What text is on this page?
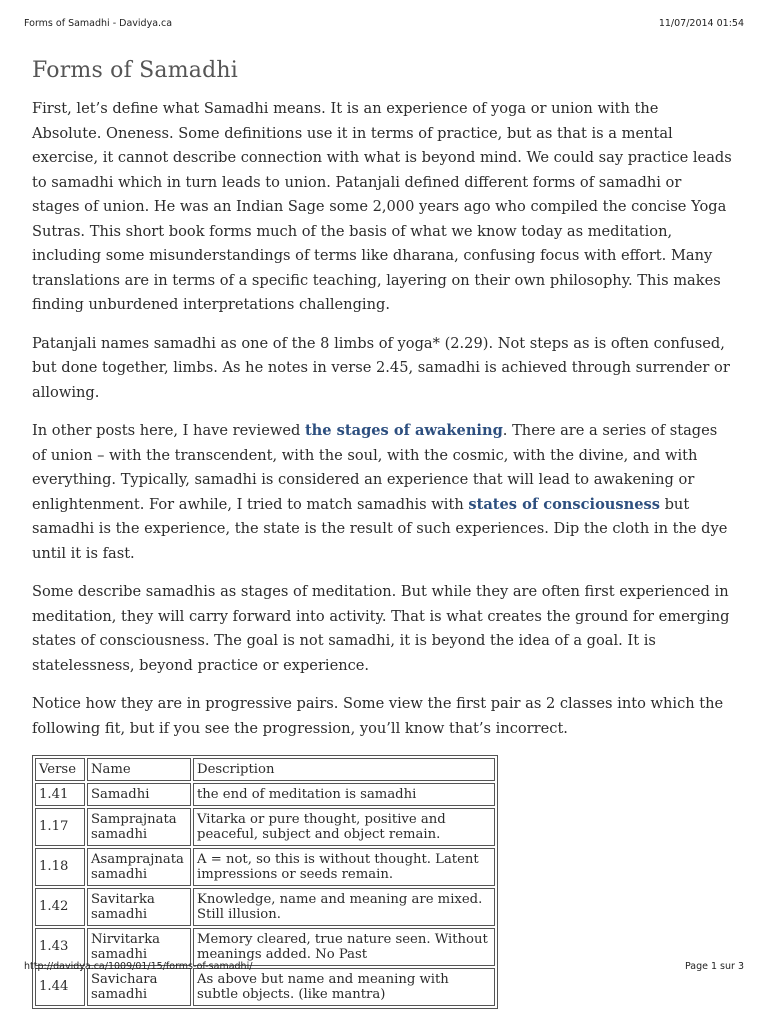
Forms of Samadhi - Davidya.ca	11/07/2014 01:54
Forms of Samadhi

First, let’s define what Samadhi means. It is an experience of yoga or union with the Absolute. Oneness. Some definitions use it in terms of practice, but as that is a mental exercise, it cannot describe connection with what is beyond mind. We could say practice leads to samadhi which in turn leads to union. Patanjali defined different forms of samadhi or stages of union. He was an Indian Sage some 2,000 years ago who compiled the concise Yoga Sutras. This short book forms much of the basis of what we know today as meditation, including some misunderstandings of terms like dharana, confusing focus with effort. Many translations are in terms of a specific teaching, layering on their own philosophy. This makes finding unburdened interpretations challenging.

Patanjali names samadhi as one of the 8 limbs of yoga* (2.29). Not steps as is often confused, but done together, limbs. As he notes in verse 2.45, samadhi is achieved through surrender or allowing.

In other posts here, I have reviewed the stages of awakening. There are a series of stages of union – with the transcendent, with the soul, with the cosmic, with the divine, and with everything. Typically, samadhi is considered an experience that will lead to awakening or enlightenment. For awhile, I tried to match samadhis with states of consciousness but samadhi is the experience, the state is the result of such experiences. Dip the cloth in the dye until it is fast.

Some describe samadhis as stages of meditation. But while they are often first experienced in meditation, they will carry forward into activity. That is what creates the ground for emerging states of consciousness. The goal is not samadhi, it is beyond the idea of a goal. It is statelessness, beyond practice or experience.

Notice how they are in progressive pairs. Some view the first pair as 2 classes into which the following fit, but if you see the progression, you’ll know that’s incorrect.

Verse	Name	Description
1.41	Samadhi	the end of meditation is samadhi
1.17	Samprajnata samadhi	Vitarka or pure thought, positive and peaceful, subject and object remain.
1.18	Asamprajnata samadhi	A = not, so this is without thought. Latent impressions or seeds remain.
1.42	Savitarka samadhi	Knowledge, name and meaning are mixed. Still illusion.
1.43	Nirvitarka samadhi	Memory cleared, true nature seen. Without meanings added. No Past
1.44	Savichara samadhi	As above but name and meaning with subtle objects. (like mantra)
http://davidya.ca/1009/01/15/forms-of-samadhi/	Page 1 sur 3
